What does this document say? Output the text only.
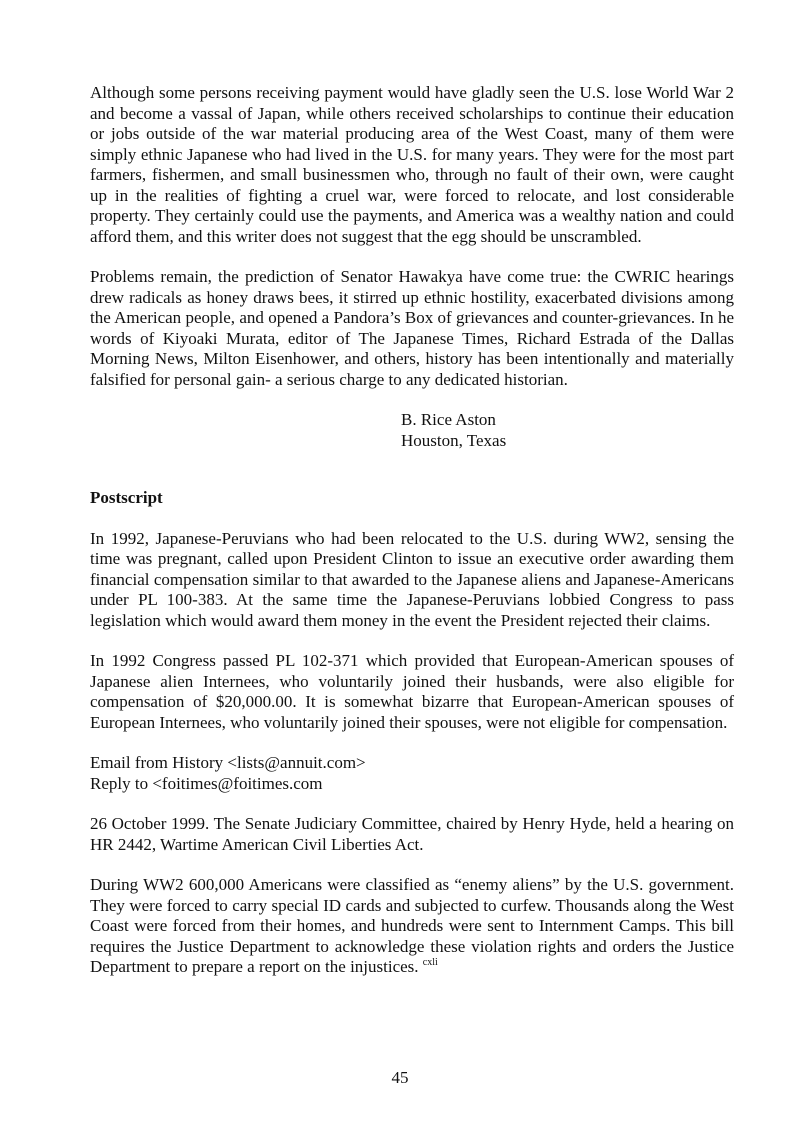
Although some persons receiving payment would have gladly seen the U.S. lose World War 2 and become a vassal of Japan, while others received scholarships to continue their education or jobs outside of the war material producing area of the West Coast, many of them were simply ethnic Japanese who had lived in the U.S. for many years. They were for the most part farmers, fishermen, and small businessmen who, through no fault of their own, were caught up in the realities of fighting a cruel war, were forced to relocate, and lost considerable property. They certainly could use the payments, and America was a wealthy nation and could afford them, and this writer does not suggest that the egg should be unscrambled.

Problems remain, the prediction of Senator Hawakya have come true: the CWRIC hearings drew radicals as honey draws bees, it stirred up ethnic hostility, exacerbated divisions among the American people, and opened a Pandora’s Box of grievances and counter-grievances. In he words of Kiyoaki Murata, editor of The Japanese Times, Richard Estrada of the Dallas Morning News, Milton Eisenhower, and others, history has been intentionally and materially falsified for personal gain- a serious charge to any dedicated historian.

B. Rice Aston
Houston, Texas
Postscript

In 1992, Japanese-Peruvians who had been relocated to the U.S. during WW2, sensing the time was pregnant, called upon President Clinton to issue an executive order awarding them financial compensation similar to that awarded to the Japanese aliens and Japanese-Americans under PL 100-383. At the same time the Japanese-Peruvians lobbied Congress to pass legislation which would award them money in the event the President rejected their claims.

In 1992 Congress passed PL 102-371 which provided that European-American spouses of Japanese alien Internees, who voluntarily joined their husbands, were also eligible for compensation of $20,000.00. It is somewhat bizarre that European-American spouses of European Internees, who voluntarily joined their spouses, were not eligible for compensation.

Email from History <lists@annuit.com>
Reply to <foitimes@foitimes.com

26 October 1999. The Senate Judiciary Committee, chaired by Henry Hyde, held a hearing on HR 2442, Wartime American Civil Liberties Act.

During WW2 600,000 Americans were classified as “enemy aliens” by the U.S. government. They were forced to carry special ID cards and subjected to curfew. Thousands along the West Coast were forced from their homes, and hundreds were sent to Internment Camps. This bill requires the Justice Department to acknowledge these violation rights and orders the Justice Department to prepare a report on the injustices. $^{cxli}$

45
